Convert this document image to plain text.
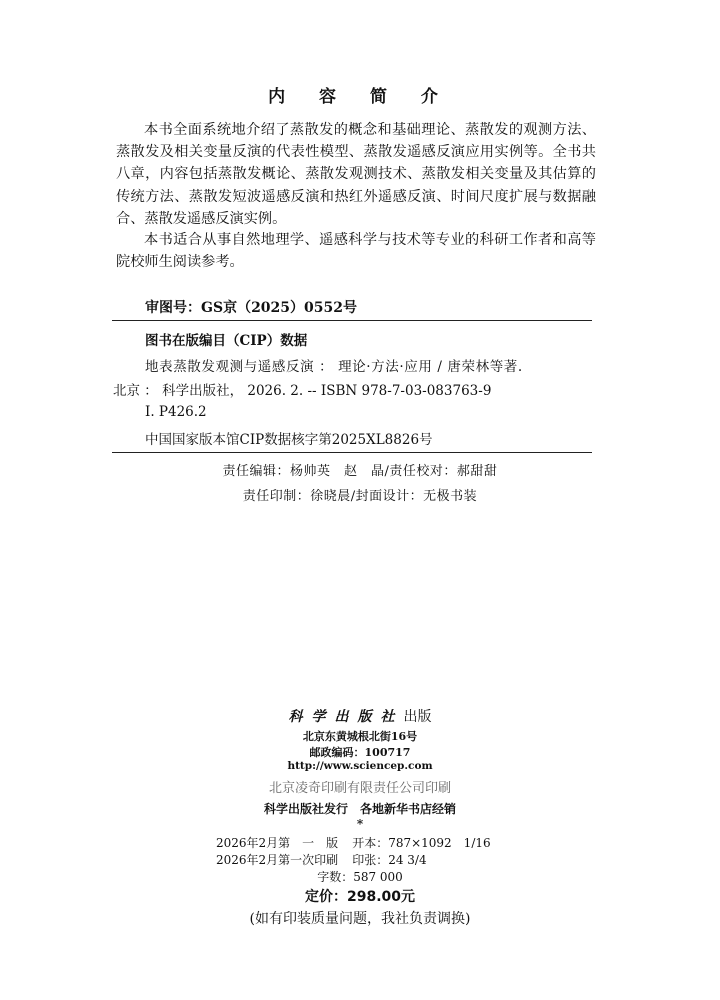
内 容 简 介
本书全面系统地介绍了蒸散发的概念和基础理论、蒸散发的观测方法、蒸散发及相关变量反演的代表性模型、蒸散发遥感反演应用实例等。全书共八章，内容包括蒸散发概论、蒸散发观测技术、蒸散发相关变量及其估算的传统方法、蒸散发短波遥感反演和热红外遥感反演、时间尺度扩展与数据融合、蒸散发遥感反演实例。
本书适合从事自然地理学、遥感科学与技术等专业的科研工作者和高等院校师生阅读参考。
审图号：GS京（2025）0552号
图书在版编目（CIP）数据
地表蒸散发观测与遥感反演 ： 理论·方法·应用 / 唐荣林等著.
北京 ： 科学出版社， 2026. 2. -- ISBN 978-7-03-083763-9
Ⅰ. P426.2
中国国家版本馆CIP数据核字第2025XL8826号
责任编辑：杨帅英　赵　晶/责任校对：郝甜甜
责任印制：徐晓晨/封面设计：无极书装
科学出版社出版
北京东黄城根北街16号
邮政编码：100717
http://www.sciencep.com
北京凌奇印刷有限责任公司印刷
科学出版社发行　各地新华书店经销
*
2026年2月第　一　版 开本：787×1092　1/16
2026年2月第一次印刷 印张：24 3/4
字数：587 000
定价：298.00元
(如有印装质量问题，我社负责调换)
